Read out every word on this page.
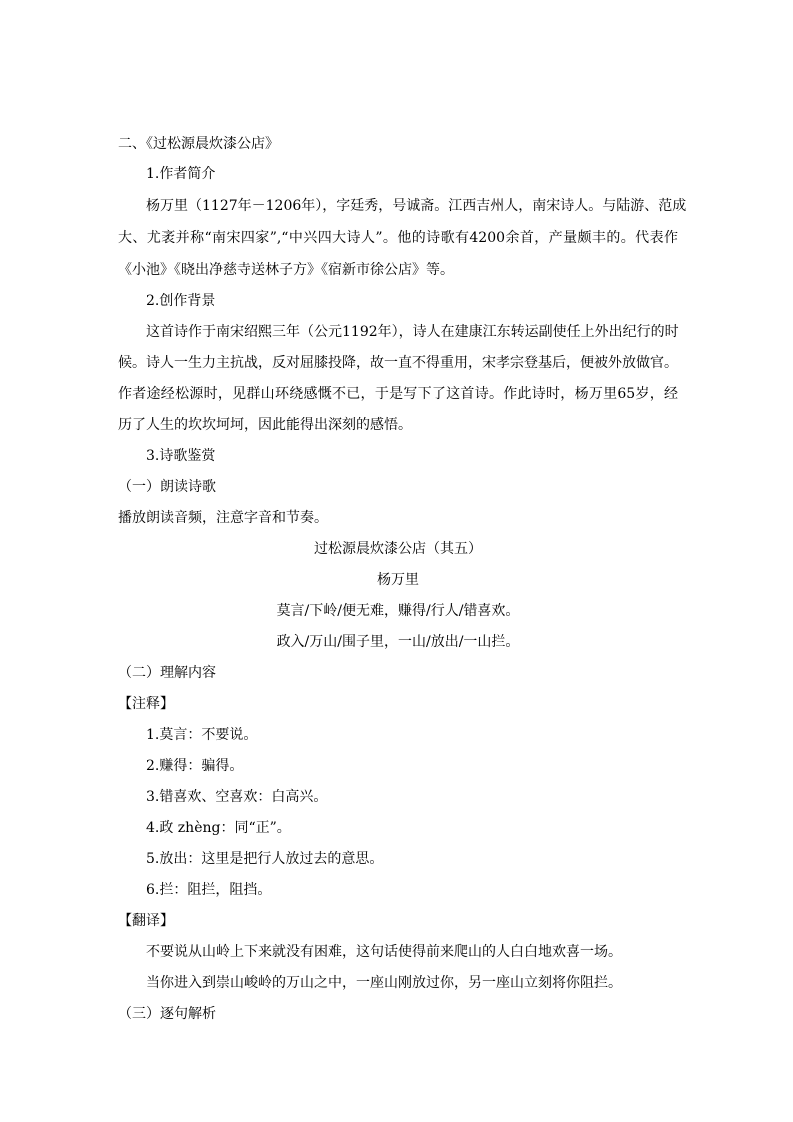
二、《过松源晨炊漆公店》
1.作者简介
杨万里（1127年－1206年），字廷秀，号诚斋。江西吉州人，南宋诗人。与陆游、范成
大、尤袤并称“南宋四家”,“中兴四大诗人”。他的诗歌有4200余首，产量颇丰的。代表作
《小池》《晓出净慈寺送林子方》《宿新市徐公店》等。
2.创作背景
这首诗作于南宋绍熙三年（公元1192年），诗人在建康江东转运副使任上外出纪行的时
候。诗人一生力主抗战，反对屈膝投降，故一直不得重用，宋孝宗登基后，便被外放做官。
作者途经松源时，见群山环绕感慨不已，于是写下了这首诗。作此诗时，杨万里65岁，经
历了人生的坎坎坷坷，因此能得出深刻的感悟。
3.诗歌鉴赏
（一）朗读诗歌
播放朗读音频，注意字音和节奏。
过松源晨炊漆公店（其五）
杨万里
莫言/下岭/便无难，赚得/行人/错喜欢。
政入/万山/围子里，一山/放出/一山拦。
（二）理解内容
【注释】
1.莫言：不要说。
2.赚得：骗得。
3.错喜欢、空喜欢：白高兴。
4.政 zhèng：同“正”。
5.放出：这里是把行人放过去的意思。
6.拦：阻拦，阻挡。
【翻译】
不要说从山岭上下来就没有困难，这句话使得前来爬山的人白白地欢喜一场。
当你进入到崇山峻岭的万山之中，一座山刚放过你，另一座山立刻将你阻拦。
（三）逐句解析
